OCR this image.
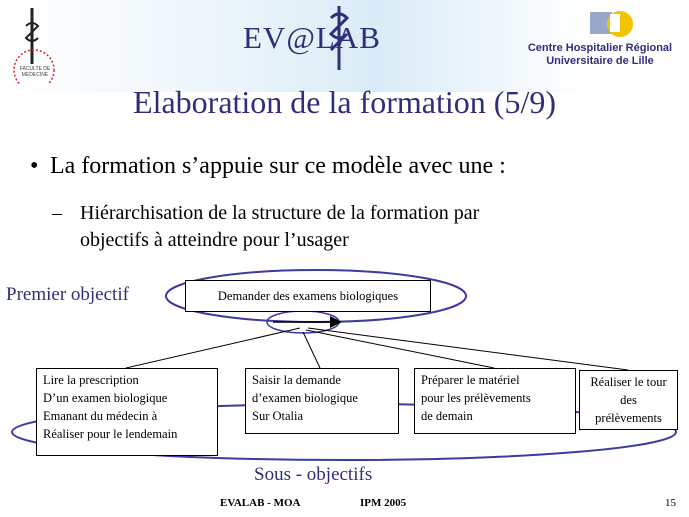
FACULTE DE MEDECINE
EV@LAB	Centre Hospitalier Régional
Universitaire de Lille
Elaboration de la formation (5/9)
• La formation s’appuie sur ce modèle avec une :
– Hiérarchisation de la structure de la formation par
objectifs à atteindre pour l’usager
Premier objectif	Demander des examens biologiques
Lire la prescription
D’un examen biologique
Emanant du médecin à
Réaliser pour le lendemain
Saisir la demande
d’examen biologique
Sur Otalia
Préparer le matériel
pour les prélèvements
de demain
Réaliser le tour
des prélèvements
Sous - objectifs
EVALAB - MOA	IPM 2005	15
